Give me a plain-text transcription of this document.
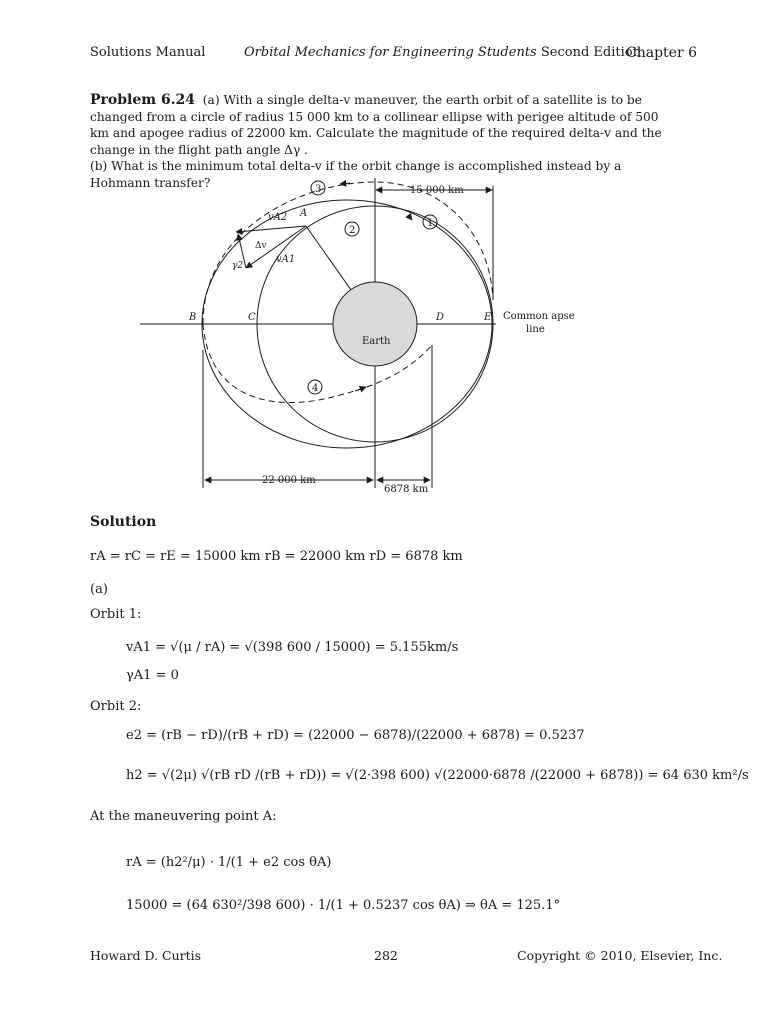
Solutions Manual	Orbital Mechanics for Engineering Students Second Edition
Chapter 6
Problem 6.24 (a) With a single delta-v maneuver, the earth orbit of a satellite is to be changed from a circle of radius 15 000 km to a collinear ellipse with perigee altitude of 500 km and apogee radius of 22000 km. Calculate the magnitude of the required delta-v and the change in the flight path angle Δγ .
(b) What is the minimum total delta-v if the orbit change is accomplished instead by a Hohmann transfer?
Earth
A
B	C	D	E Common apse
line
15 000 km
22 000 km
6878 km
1
2
3
4
vA2
vA1
Δv
γ2
Solution
rA = rC = rE = 15000 km rB = 22000 km rD = 6878 km
(a)
Orbit 1:
vA1 = √(μ / rA) = √(398 600 / 15000) = 5.155km/s
γA1 = 0
Orbit 2:
e2 = (rB − rD)/(rB + rD) = (22000 − 6878)/(22000 + 6878) = 0.5237
h2 = √(2μ) √(rB rD /(rB + rD)) = √(2·398 600) √(22000·6878 /(22000 + 6878)) = 64 630 km²/s
At the maneuvering point A:
rA = (h2²/μ) · 1/(1 + e2 cos θA)
15000 = (64 630²/398 600) · 1/(1 + 0.5237 cos θA) ⇒ θA = 125.1°
Howard D. Curtis	282	Copyright © 2010, Elsevier, Inc.
